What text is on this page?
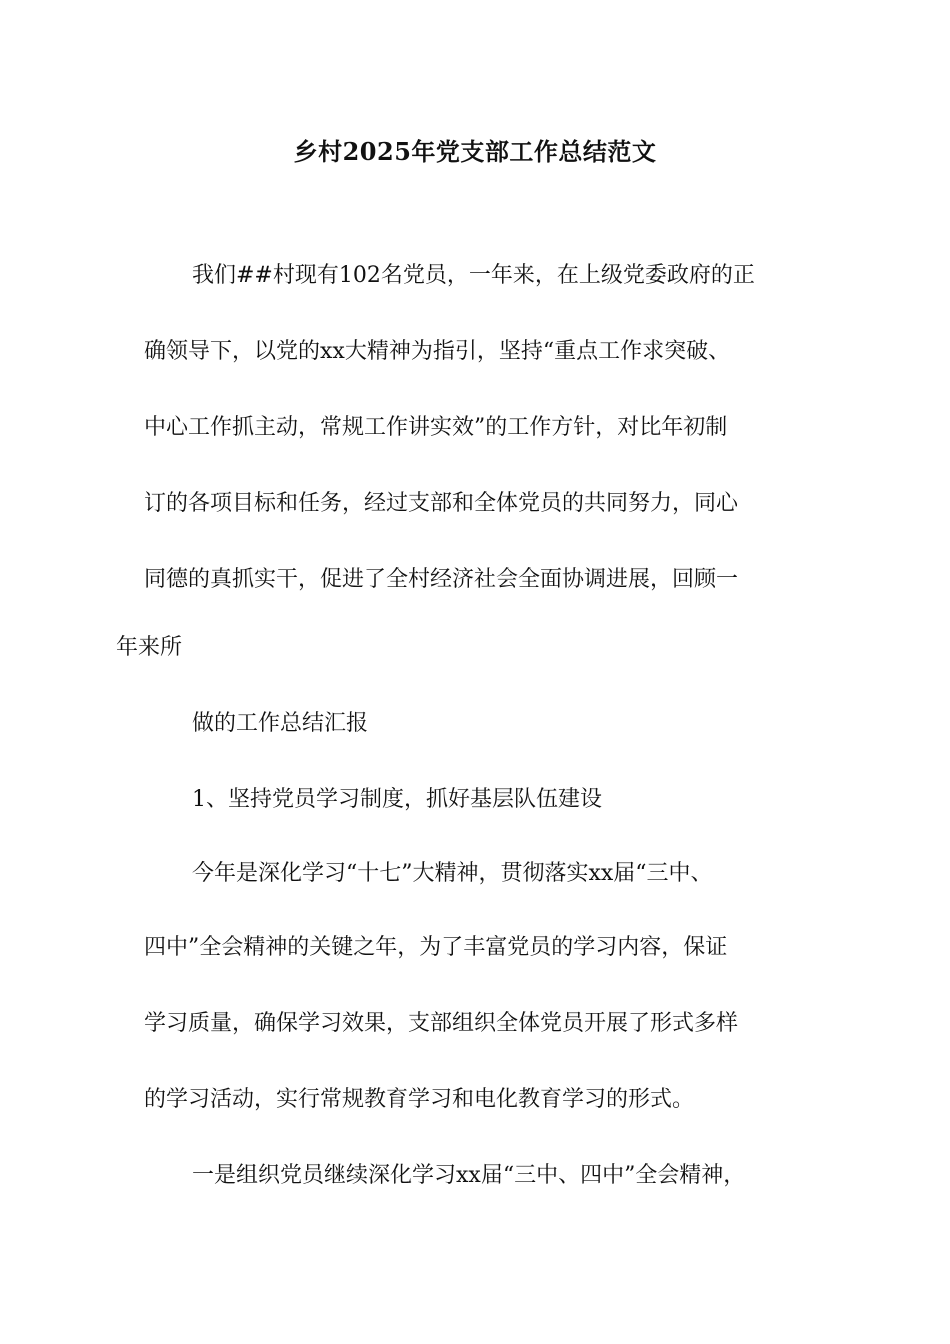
乡村2025年党支部工作总结范文

我们##村现有102名党员，一年来，在上级党委政府的正

确领导下，以党的xx大精神为指引，坚持“重点工作求突破、

中心工作抓主动，常规工作讲实效”的工作方针，对比年初制

订的各项目标和任务，经过支部和全体党员的共同努力，同心

同德的真抓实干，促进了全村经济社会全面协调进展，回顾一

年来所

做的工作总结汇报

1、坚持党员学习制度，抓好基层队伍建设

今年是深化学习“十七”大精神，贯彻落实xx届“三中、

四中”全会精神的关键之年，为了丰富党员的学习内容，保证

学习质量，确保学习效果，支部组织全体党员开展了形式多样

的学习活动，实行常规教育学习和电化教育学习的形式。

一是组织党员继续深化学习xx届“三中、四中”全会精神，
